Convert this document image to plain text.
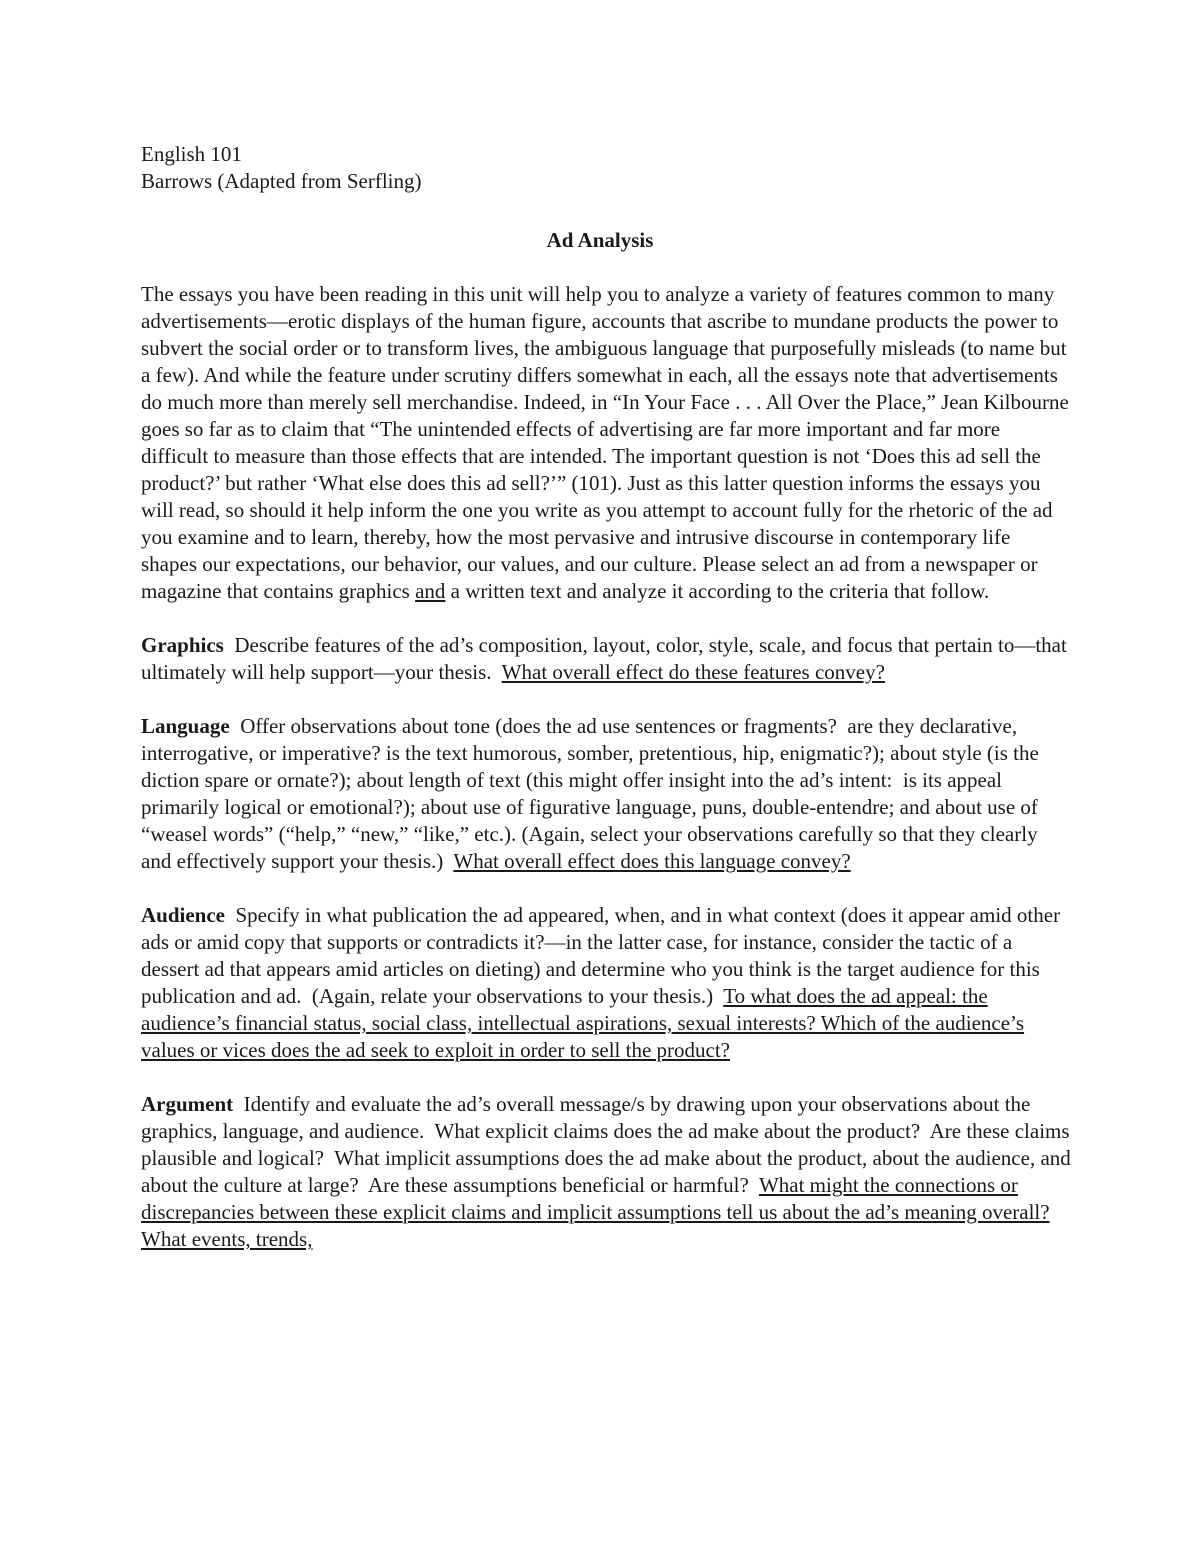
English 101
Barrows (Adapted from Serfling)
Ad Analysis

The essays you have been reading in this unit will help you to analyze a variety of features common to many advertisements—erotic displays of the human figure, accounts that ascribe to mundane products the power to subvert the social order or to transform lives, the ambiguous language that purposefully misleads (to name but a few). And while the feature under scrutiny differs somewhat in each, all the essays note that advertisements do much more than merely sell merchandise. Indeed, in “In Your Face . . . All Over the Place,” Jean Kilbourne goes so far as to claim that “The unintended effects of advertising are far more important and far more difficult to measure than those effects that are intended. The important question is not ‘Does this ad sell the product?’ but rather ‘What else does this ad sell?’” (101). Just as this latter question informs the essays you will read, so should it help inform the one you write as you attempt to account fully for the rhetoric of the ad you examine and to learn, thereby, how the most pervasive and intrusive discourse in contemporary life shapes our expectations, our behavior, our values, and our culture. Please select an ad from a newspaper or magazine that contains graphics and a written text and analyze it according to the criteria that follow.

Graphics  Describe features of the ad’s composition, layout, color, style, scale, and focus that pertain to—that ultimately will help support—your thesis.  What overall effect do these features convey?

Language  Offer observations about tone (does the ad use sentences or fragments?  are they declarative, interrogative, or imperative? is the text humorous, somber, pretentious, hip, enigmatic?); about style (is the diction spare or ornate?); about length of text (this might offer insight into the ad’s intent:  is its appeal primarily logical or emotional?); about use of figurative language, puns, double-entendre; and about use of “weasel words” (“help,” “new,” “like,” etc.). (Again, select your observations carefully so that they clearly and effectively support your thesis.)  What overall effect does this language convey?

Audience  Specify in what publication the ad appeared, when, and in what context (does it appear amid other ads or amid copy that supports or contradicts it?—in the latter case, for instance, consider the tactic of a dessert ad that appears amid articles on dieting) and determine who you think is the target audience for this publication and ad.  (Again, relate your observations to your thesis.)  To what does the ad appeal: the audience’s financial status, social class, intellectual aspirations, sexual interests? Which of the audience’s values or vices does the ad seek to exploit in order to sell the product?

Argument  Identify and evaluate the ad’s overall message/s by drawing upon your observations about the graphics, language, and audience.  What explicit claims does the ad make about the product?  Are these claims plausible and logical?  What implicit assumptions does the ad make about the product, about the audience, and about the culture at large?  Are these assumptions beneficial or harmful?  What might the connections or discrepancies between these explicit claims and implicit assumptions tell us about the ad’s meaning overall? What events, trends,
